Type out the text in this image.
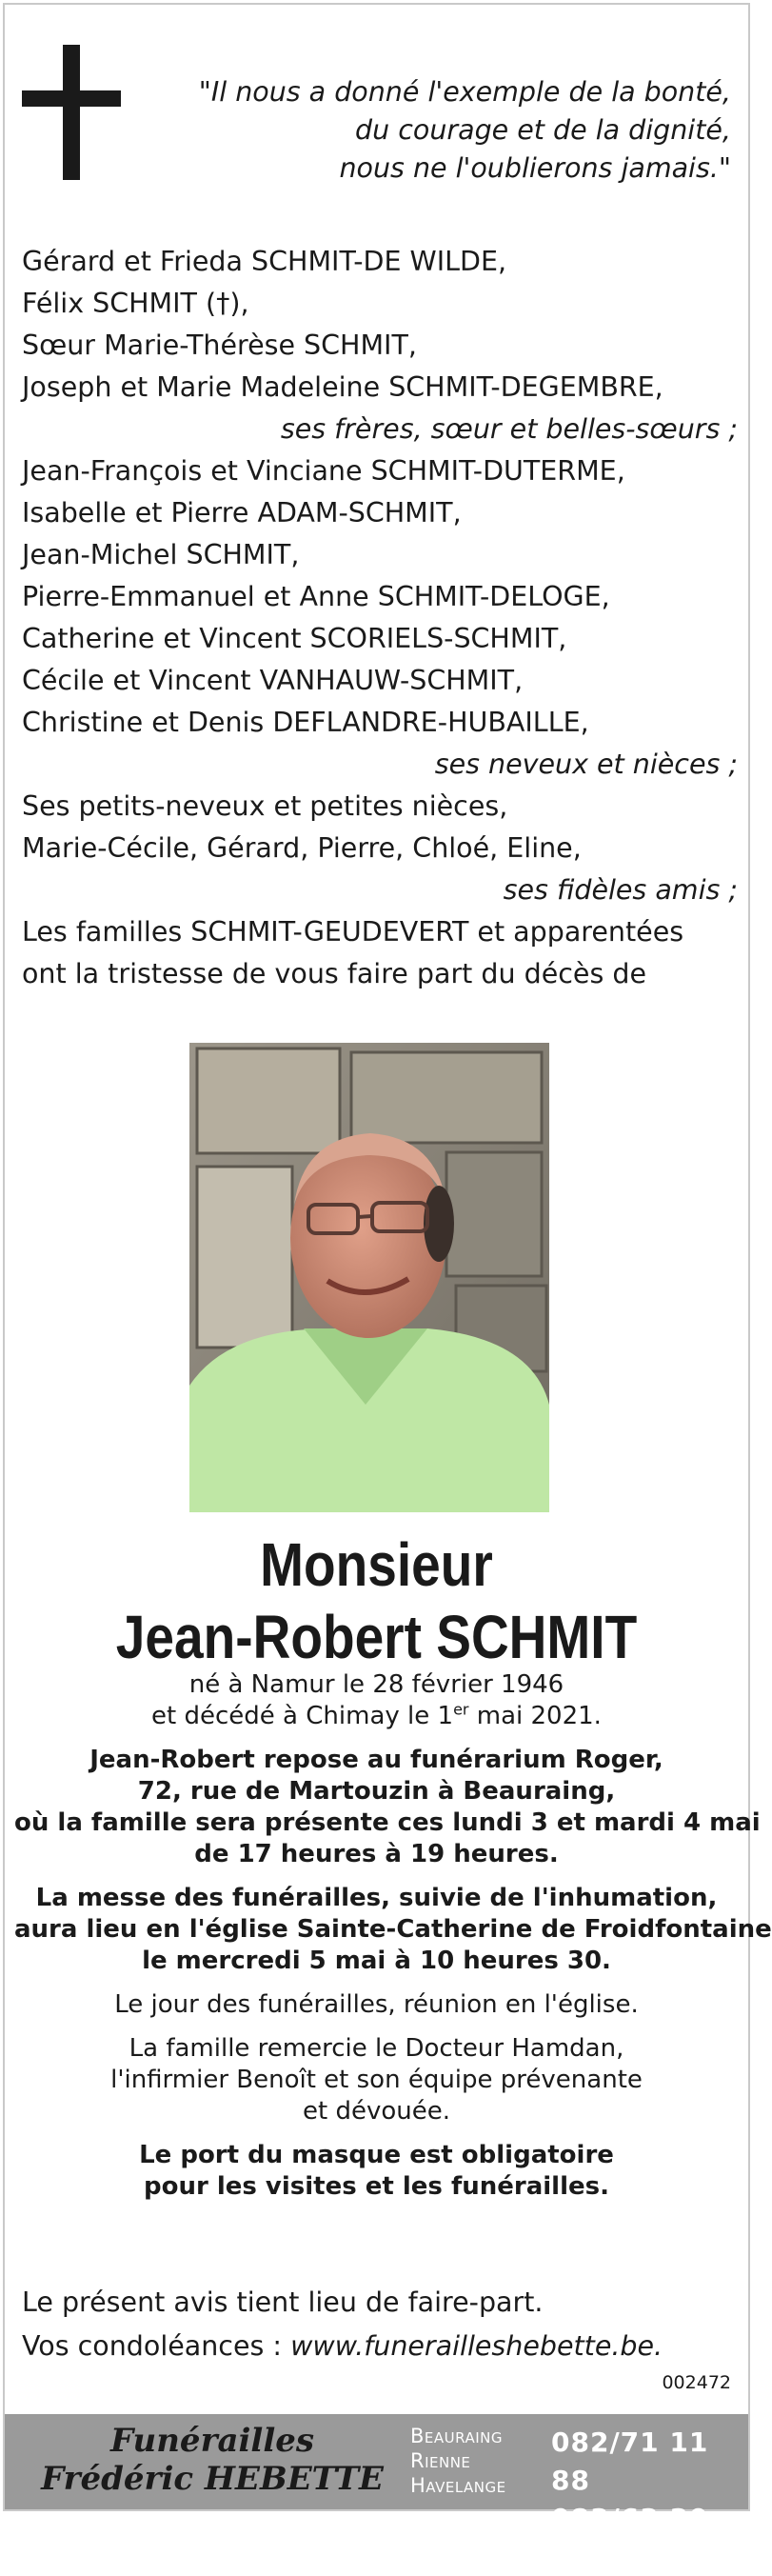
"Il nous a donné l'exemple de la bonté,
du courage et de la dignité,
nous ne l'oublierons jamais."
Gérard et Frieda SCHMIT-DE WILDE,
Félix SCHMIT (†),
Sœur Marie-Thérèse SCHMIT,
Joseph et Marie Madeleine SCHMIT-DEGEMBRE,
ses frères, sœur et belles-sœurs ;
Jean-François et Vinciane SCHMIT-DUTERME,
Isabelle et Pierre ADAM-SCHMIT,
Jean-Michel SCHMIT,
Pierre-Emmanuel et Anne SCHMIT-DELOGE,
Catherine et Vincent SCORIELS-SCHMIT,
Cécile et Vincent VANHAUW-SCHMIT,
Christine et Denis DEFLANDRE-HUBAILLE,
ses neveux et nièces ;
Ses petits-neveux et petites nièces,
Marie-Cécile, Gérard, Pierre, Chloé, Eline,
ses fidèles amis ;
Les familles SCHMIT-GEUDEVERT et apparentées
ont la tristesse de vous faire part du décès de
Monsieur
Jean-Robert SCHMIT
né à Namur le 28 février 1946
et décédé à Chimay le 1er mai 2021.
Jean-Robert repose au funérarium Roger,
72, rue de Martouzin à Beauraing,
où la famille sera présente ces lundi 3 et mardi 4 mai
de 17 heures à 19 heures.
La messe des funérailles, suivie de l'inhumation,
aura lieu en l'église Sainte-Catherine de Froidfontaine
le mercredi 5 mai à 10 heures 30.
Le jour des funérailles, réunion en l'église.
La famille remercie le Docteur Hamdan,
l'infirmier Benoît et son équipe prévenante
et dévouée.
Le port du masque est obligatoire
pour les visites et les funérailles.
Le présent avis tient lieu de faire-part.
Vos condoléances : www.funerailleshebette.be.
002472
Funérailles
Frédéric HEBETTE
Beauraing
Rienne
Havelange
082/71 11 88
083/63 30 52
